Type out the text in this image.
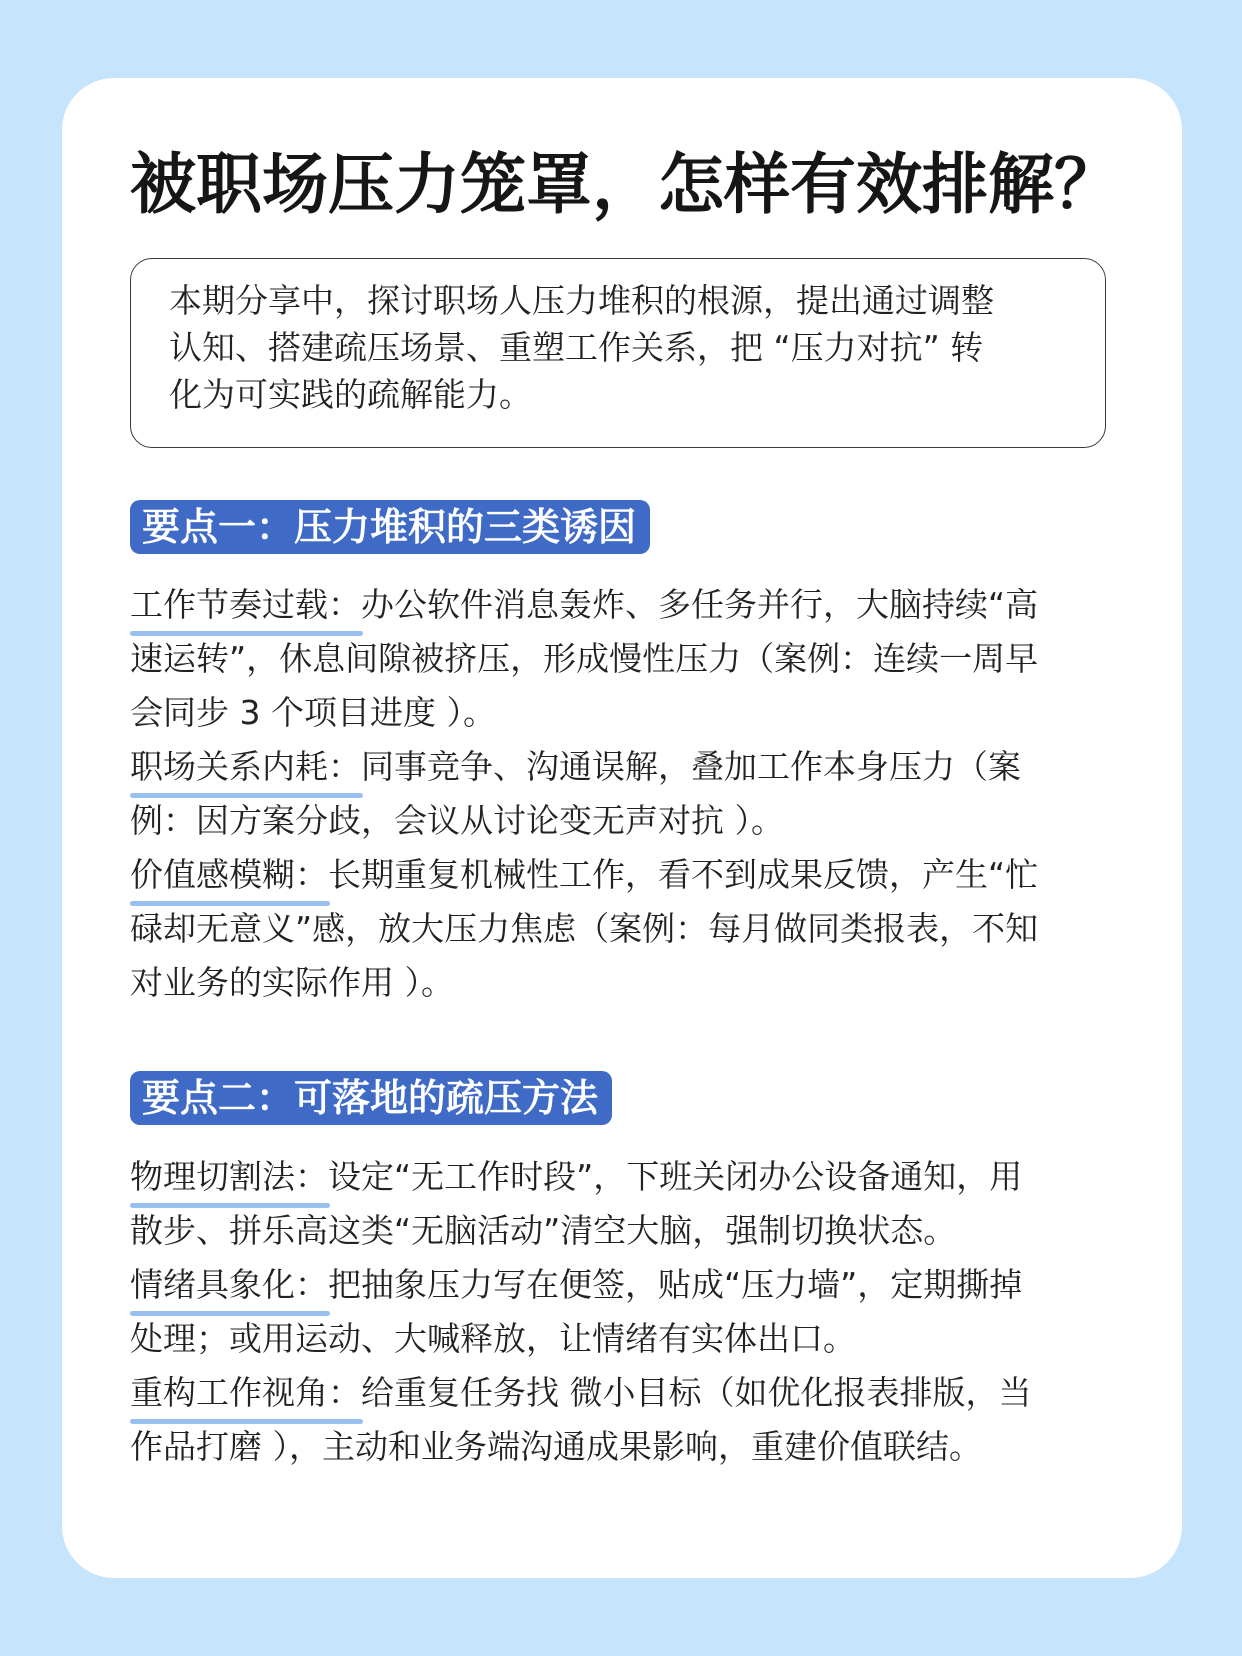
被职场压力笼罩，怎样有效排解？
本期分享中，探讨职场人压力堆积的根源，提出通过调整
认知、搭建疏压场景、重塑工作关系，把 “压力对抗” 转
化为可实践的疏解能力。
要点一：压力堆积的三类诱因
工作节奏过载：办公软件消息轰炸、多任务并行，大脑持续“高
速运转”，休息间隙被挤压，形成慢性压力（案例：连续一周早
会同步 3 个项目进度 ）。
职场关系内耗：同事竞争、沟通误解，叠加工作本身压力（案
例：因方案分歧，会议从讨论变无声对抗 ）。
价值感模糊：长期重复机械性工作，看不到成果反馈，产生“忙
碌却无意义”感，放大压力焦虑（案例：每月做同类报表，不知
对业务的实际作用 ）。
要点二：可落地的疏压方法
物理切割法：设定“无工作时段”，下班关闭办公设备通知，用
散步、拼乐高这类“无脑活动”清空大脑，强制切换状态。
情绪具象化：把抽象压力写在便签，贴成“压力墙”，定期撕掉
处理；或用运动、大喊释放，让情绪有实体出口。
重构工作视角：给重复任务找 微小目标（如优化报表排版，当
作品打磨 ），主动和业务端沟通成果影响，重建价值联结。
